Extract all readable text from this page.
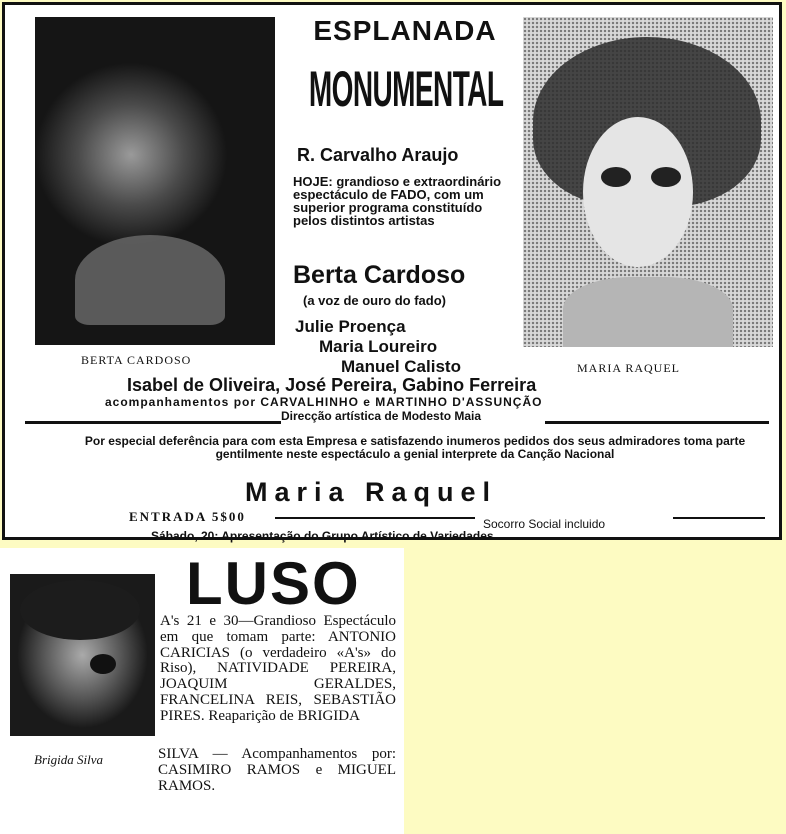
BERTA CARDOSO
MARIA RAQUEL
ESPLANADA
MONUMENTAL
R. Carvalho Araujo
HOJE: grandioso e extraordinário espectáculo de FADO, com um superior programa constituído pelos distintos artistas
Berta Cardoso
(a voz de ouro do fado)
Julie Proença
Maria Loureiro
Manuel Calisto
Isabel de Oliveira, José Pereira, Gabino Ferreira
acompanhamentos por CARVALHINHO e MARTINHO D'ASSUNÇÃO
Direcção artística de Modesto Maia
Por especial deferência para com esta Empresa e satisfazendo inumeros pedidos dos seus admiradores toma parte gentilmente neste espectáculo a genial interprete da Canção Nacional
Maria Raquel
ENTRADA 5$00	Socorro Social incluido
Sábado, 20: Apresentação do Grupo Artístico de Variedades
LUSO
A's 21 e 30—Grandioso Espectáculo em que tomam parte: ANTONIO CARICIAS (o verdadeiro «A's» do Riso), NATIVIDADE PEREIRA, JOAQUIM GERALDES, FRANCELINA REIS, SEBASTIÃO PIRES. Reaparição de BRIGIDA
Brigida Silva	SILVA — Acompanhamentos por: CASIMIRO RAMOS e MIGUEL RAMOS.
